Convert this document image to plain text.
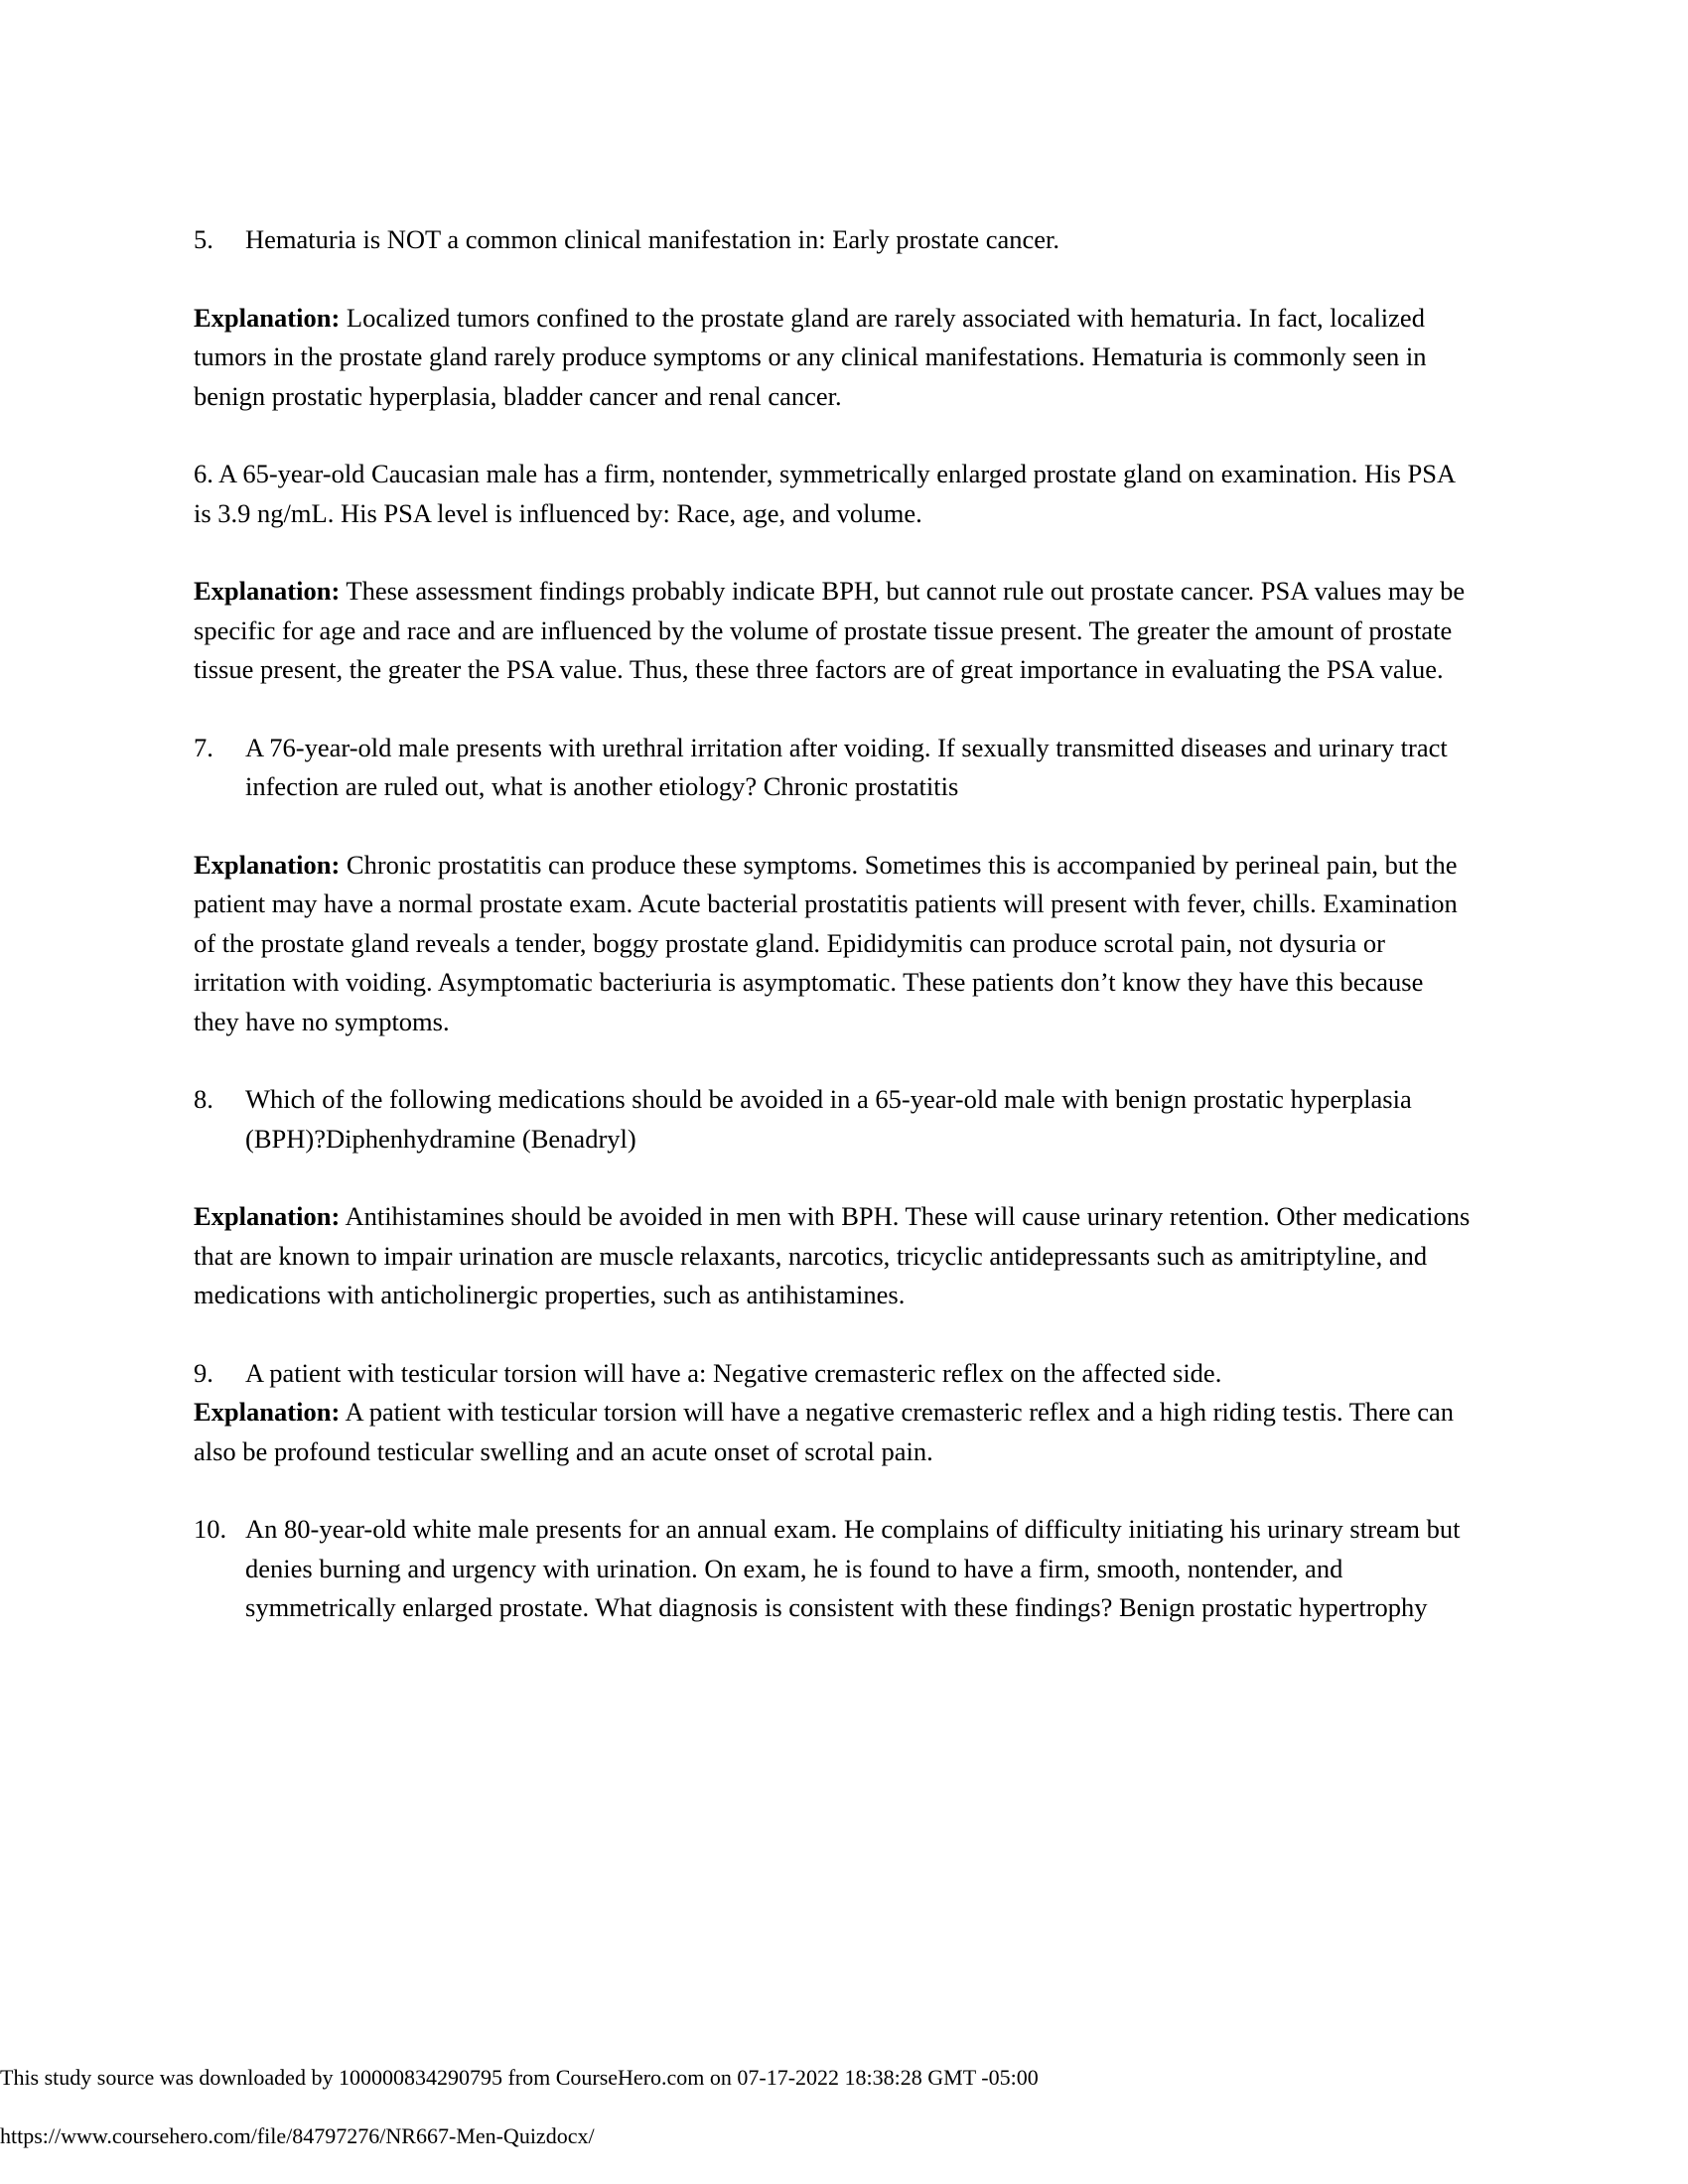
5.	Hematuria is NOT a common clinical manifestation in: Early prostate cancer.
Explanation: Localized tumors confined to the prostate gland are rarely associated with hematuria. In fact, localized tumors in the prostate gland rarely produce symptoms or any clinical manifestations. Hematuria is commonly seen in benign prostatic hyperplasia, bladder cancer and renal cancer.
6. A 65-year-old Caucasian male has a firm, nontender, symmetrically enlarged prostate gland on examination. His PSA is 3.9 ng/mL. His PSA level is influenced by: Race, age, and volume.
Explanation: These assessment findings probably indicate BPH, but cannot rule out prostate cancer. PSA values may be specific for age and race and are influenced by the volume of prostate tissue present. The greater the amount of prostate tissue present, the greater the PSA value. Thus, these three factors are of great importance in evaluating the PSA value.
7.	A 76-year-old male presents with urethral irritation after voiding. If sexually transmitted diseases and urinary tract infection are ruled out, what is another etiology? Chronic prostatitis
Explanation: Chronic prostatitis can produce these symptoms. Sometimes this is accompanied by perineal pain, but the patient may have a normal prostate exam. Acute bacterial prostatitis patients will present with fever, chills. Examination of the prostate gland reveals a tender, boggy prostate gland. Epididymitis can produce scrotal pain, not dysuria or irritation with voiding. Asymptomatic bacteriuria is asymptomatic. These patients don’t know they have this because they have no symptoms.
8.	Which of the following medications should be avoided in a 65-year-old male with benign prostatic hyperplasia (BPH)?Diphenhydramine (Benadryl)
Explanation: Antihistamines should be avoided in men with BPH. These will cause urinary retention. Other medications that are known to impair urination are muscle relaxants, narcotics, tricyclic antidepressants such as amitriptyline, and medications with anticholinergic properties, such as antihistamines.
9.	A patient with testicular torsion will have a: Negative cremasteric reflex on the affected side.
Explanation: A patient with testicular torsion will have a negative cremasteric reflex and a high riding testis. There can also be profound testicular swelling and an acute onset of scrotal pain.
10. An 80-year-old white male presents for an annual exam. He complains of difficulty initiating his urinary stream but denies burning and urgency with urination. On exam, he is found to have a firm, smooth, nontender, and symmetrically enlarged prostate. What diagnosis is consistent with these findings? Benign prostatic hypertrophy
This study source was downloaded by 100000834290795 from CourseHero.com on 07-17-2022 18:38:28 GMT -05:00
https://www.coursehero.com/file/84797276/NR667-Men-Quizdocx/
